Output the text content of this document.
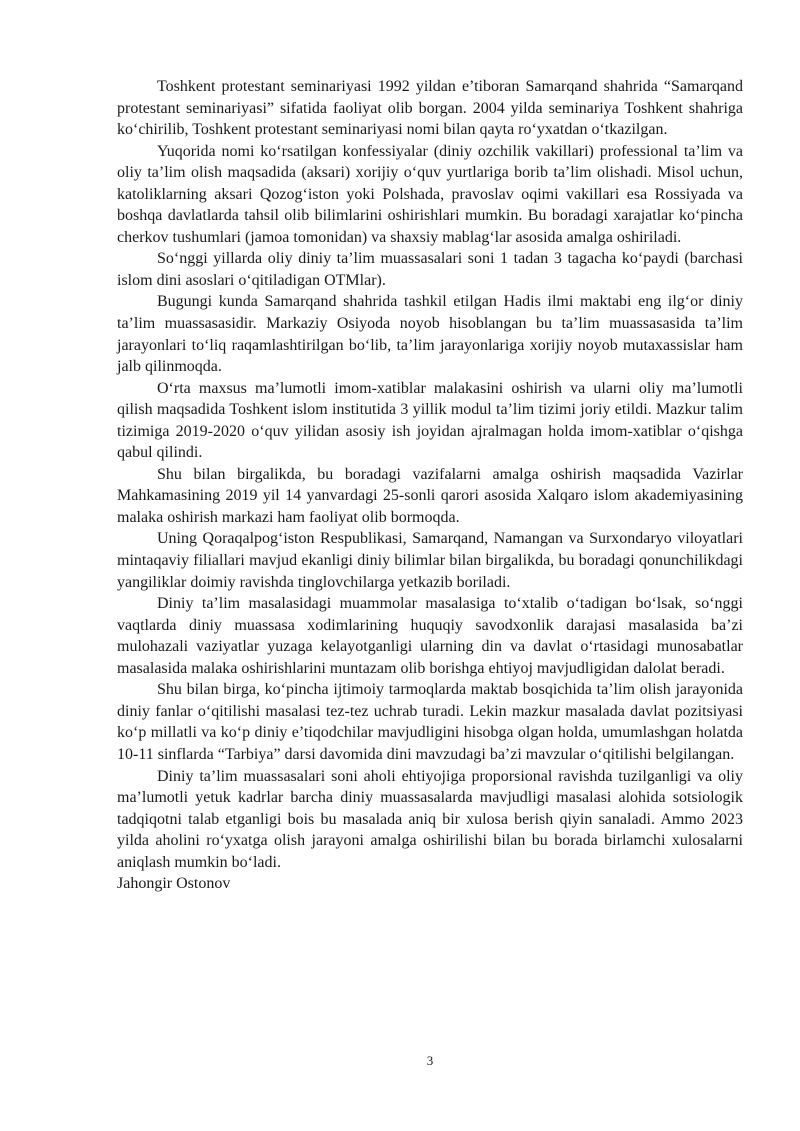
Toshkent protestant seminariyasi 1992 yildan e’tiboran Samarqand shahrida “Samarqand protestant seminariyasi” sifatida faoliyat olib borgan. 2004 yilda seminariya Toshkent shahriga ko‘chirilib, Toshkent protestant seminariyasi nomi bilan qayta ro‘yxatdan o‘tkazilgan.

Yuqorida nomi ko‘rsatilgan konfessiyalar (diniy ozchilik vakillari) professional ta’lim va oliy ta’lim olish maqsadida (aksari) xorijiy o‘quv yurtlariga borib ta’lim olishadi. Misol uchun, katoliklarning aksari Qozog‘iston yoki Polshada, pravoslav oqimi vakillari esa Rossiyada va boshqa davlatlarda tahsil olib bilimlarini oshirishlari mumkin. Bu boradagi xarajatlar ko‘pincha cherkov tushumlari (jamoa tomonidan) va shaxsiy mablag‘lar asosida amalga oshiriladi.

So‘nggi yillarda oliy diniy ta’lim muassasalari soni 1 tadan 3 tagacha ko‘paydi (barchasi islom dini asoslari o‘qitiladigan OTMlar).

Bugungi kunda Samarqand shahrida tashkil etilgan Hadis ilmi maktabi eng ilg‘or diniy ta’lim muassasasidir. Markaziy Osiyoda noyob hisoblangan bu ta’lim muassasasida ta’lim jarayonlari to‘liq raqamlashtirilgan bo‘lib, ta’lim jarayonlariga xorijiy noyob mutaxassislar ham jalb qilinmoqda.

O‘rta maxsus ma’lumotli imom-xatiblar malakasini oshirish va ularni oliy ma’lumotli qilish maqsadida Toshkent islom institutida 3 yillik modul ta’lim tizimi joriy etildi. Mazkur talim tizimiga 2019-2020 o‘quv yilidan asosiy ish joyidan ajralmagan holda imom-xatiblar o‘qishga qabul qilindi.

Shu bilan birgalikda, bu boradagi vazifalarni amalga oshirish maqsadida Vazirlar Mahkamasining 2019 yil 14 yanvardagi 25-sonli qarori asosida Xalqaro islom akademiyasining malaka oshirish markazi ham faoliyat olib bormoqda.

Uning Qoraqalpog‘iston Respublikasi, Samarqand, Namangan va Surxondaryo viloyatlari mintaqaviy filiallari mavjud ekanligi diniy bilimlar bilan birgalikda, bu boradagi qonunchilikdagi yangiliklar doimiy ravishda tinglovchilarga yetkazib boriladi.

Diniy ta’lim masalasidagi muammolar masalasiga to‘xtalib o‘tadigan bo‘lsak, so‘nggi vaqtlarda diniy muassasa xodimlarining huquqiy savodxonlik darajasi masalasida ba’zi mulohazali vaziyatlar yuzaga kelayotganligi ularning din va davlat o‘rtasidagi munosabatlar masalasida malaka oshirishlarini muntazam olib borishga ehtiyoj mavjudligidan dalolat beradi.

Shu bilan birga, ko‘pincha ijtimoiy tarmoqlarda maktab bosqichida ta’lim olish jarayonida diniy fanlar o‘qitilishi masalasi tez-tez uchrab turadi. Lekin mazkur masalada davlat pozitsiyasi ko‘p millatli va ko‘p diniy e’tiqodchilar mavjudligini hisobga olgan holda, umumlashgan holatda 10-11 sinflarda “Tarbiya” darsi davomida dini mavzudagi ba’zi mavzular o‘qitilishi belgilangan.

Diniy ta’lim muassasalari soni aholi ehtiyojiga proporsional ravishda tuzilganligi va oliy ma’lumotli yetuk kadrlar barcha diniy muassasalarda mavjudligi masalasi alohida sotsiologik tadqiqotni talab etganligi bois bu masalada aniq bir xulosa berish qiyin sanaladi. Ammo 2023 yilda aholini ro‘yxatga olish jarayoni amalga oshirilishi bilan bu borada birlamchi xulosalarni aniqlash mumkin bo‘ladi.

Jahongir Ostonov

3
